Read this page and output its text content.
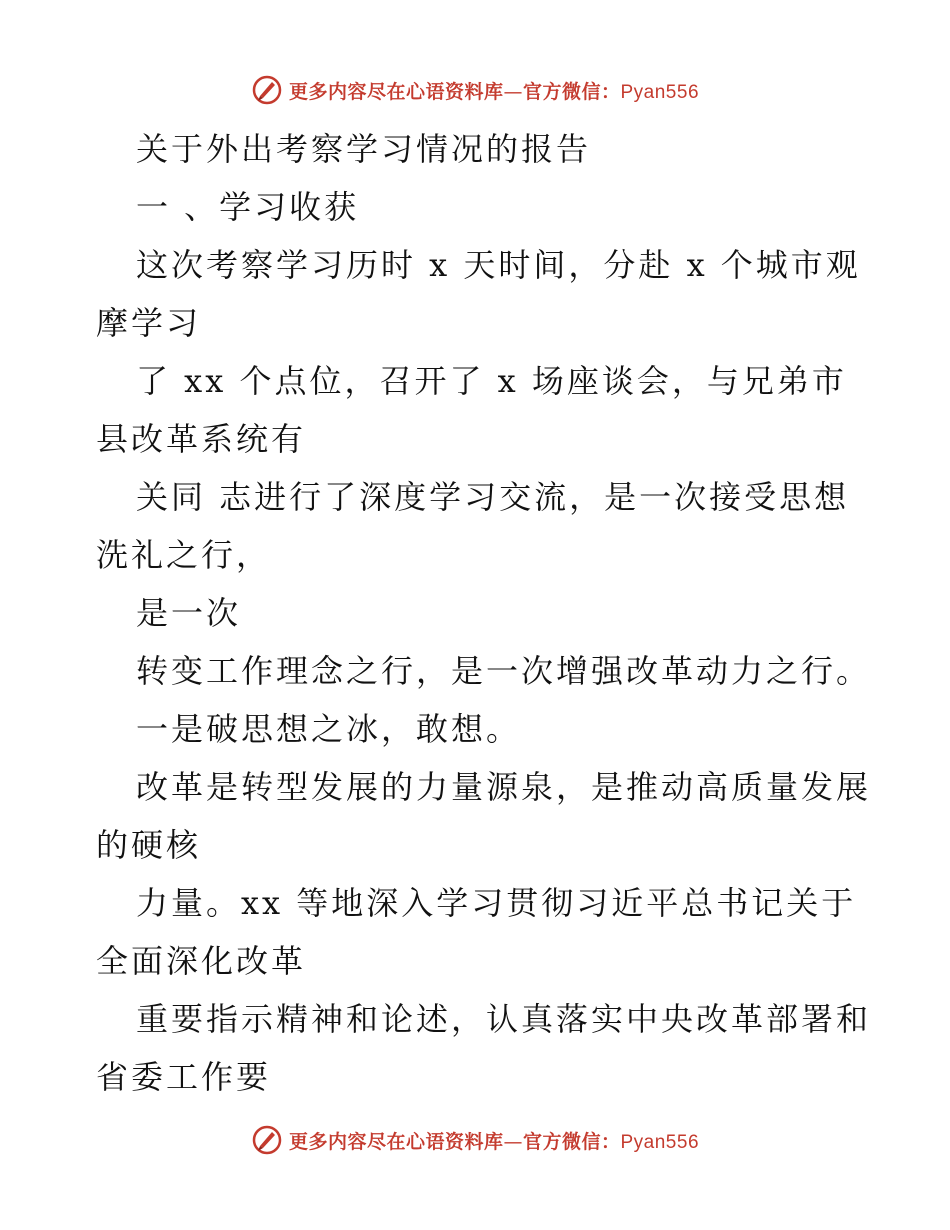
更多内容尽在心语资料库—官方微信：Pyan556
关于外出考察学习情况的报告
一 、学习收获
这次考察学习历时 x 天时间，分赴 x 个城市观
摩学习
了 xx 个点位，召开了 x 场座谈会，与兄弟市
县改革系统有
关同 志进行了深度学习交流，是一次接受思想
洗礼之行，
是一次
转变工作理念之行，是一次增强改革动力之行。
一是破思想之冰，敢想。
改革是转型发展的力量源泉，是推动高质量发展
的硬核
力量。xx 等地深入学习贯彻习近平总书记关于
全面深化改革
重要指示精神和论述，认真落实中央改革部署和
省委工作要
更多内容尽在心语资料库—官方微信：Pyan556
